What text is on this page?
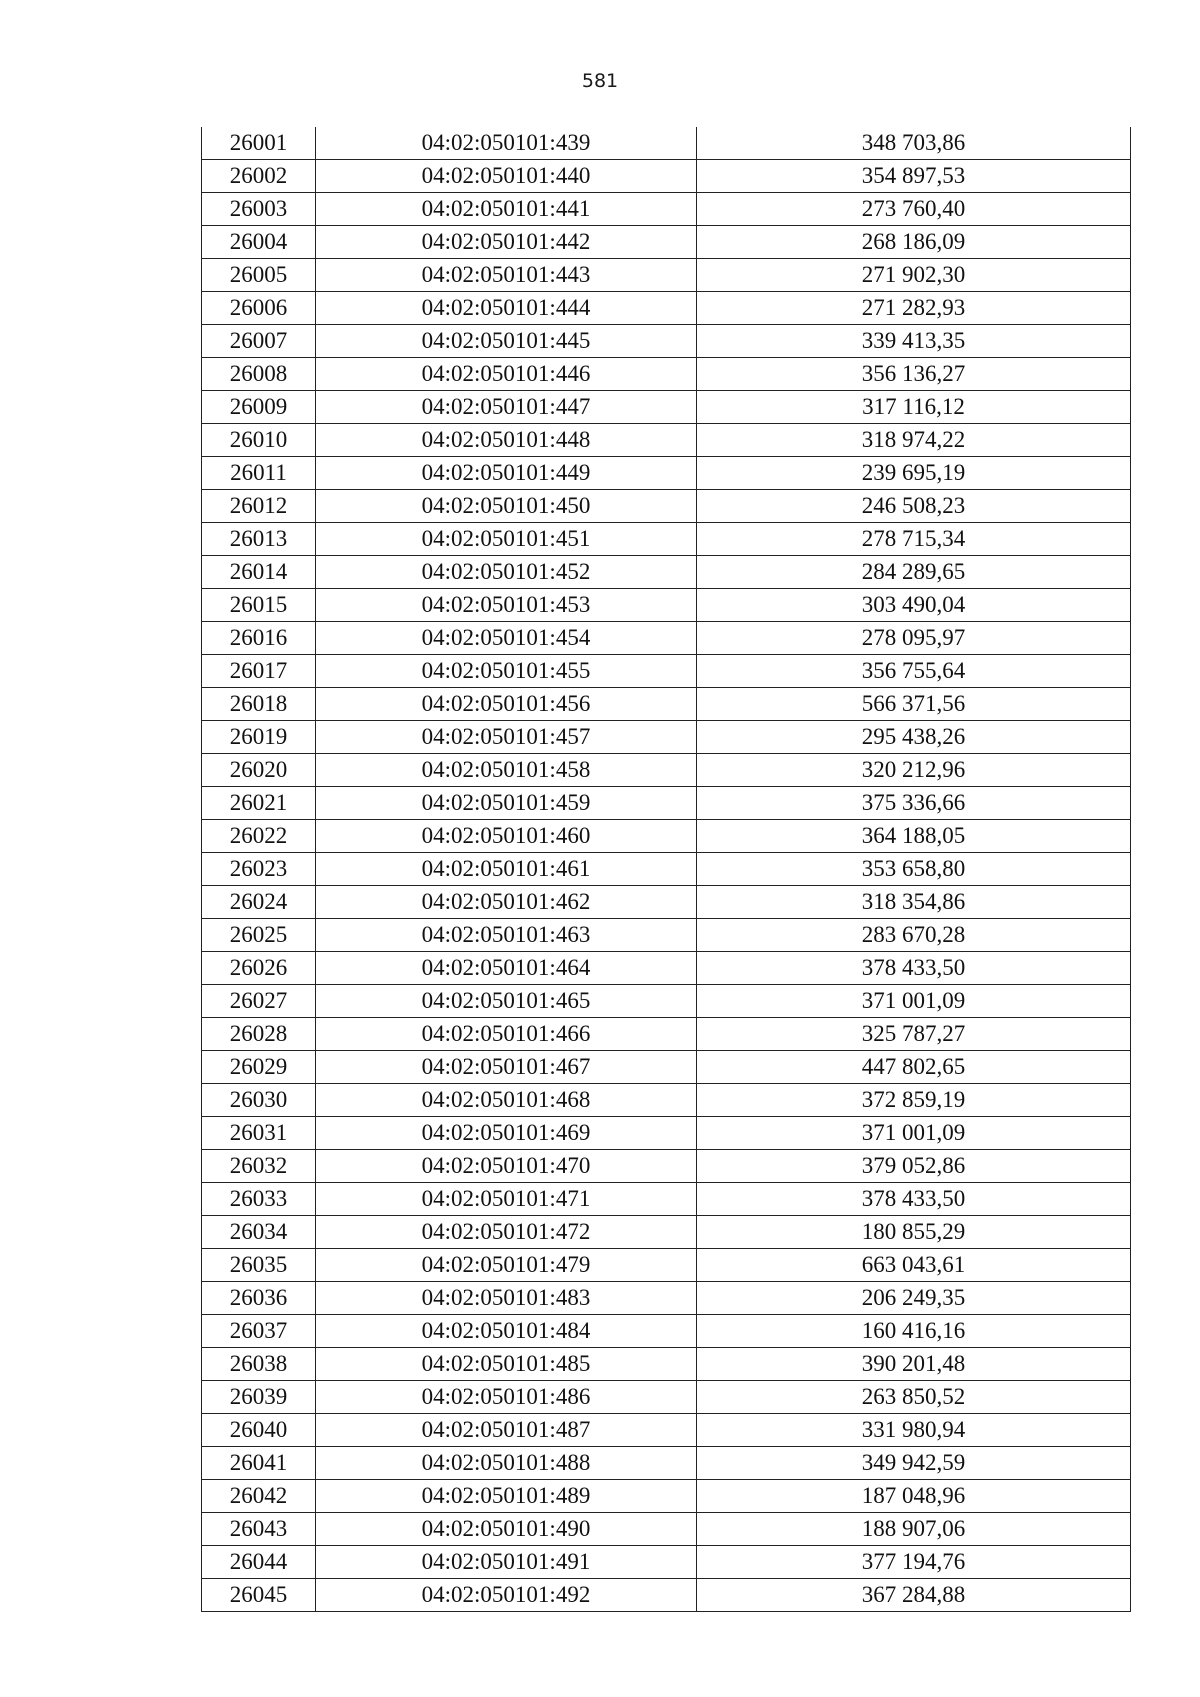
581
26001	04:02:050101:439	348 703,86
26002	04:02:050101:440	354 897,53
26003	04:02:050101:441	273 760,40
26004	04:02:050101:442	268 186,09
26005	04:02:050101:443	271 902,30
26006	04:02:050101:444	271 282,93
26007	04:02:050101:445	339 413,35
26008	04:02:050101:446	356 136,27
26009	04:02:050101:447	317 116,12
26010	04:02:050101:448	318 974,22
26011	04:02:050101:449	239 695,19
26012	04:02:050101:450	246 508,23
26013	04:02:050101:451	278 715,34
26014	04:02:050101:452	284 289,65
26015	04:02:050101:453	303 490,04
26016	04:02:050101:454	278 095,97
26017	04:02:050101:455	356 755,64
26018	04:02:050101:456	566 371,56
26019	04:02:050101:457	295 438,26
26020	04:02:050101:458	320 212,96
26021	04:02:050101:459	375 336,66
26022	04:02:050101:460	364 188,05
26023	04:02:050101:461	353 658,80
26024	04:02:050101:462	318 354,86
26025	04:02:050101:463	283 670,28
26026	04:02:050101:464	378 433,50
26027	04:02:050101:465	371 001,09
26028	04:02:050101:466	325 787,27
26029	04:02:050101:467	447 802,65
26030	04:02:050101:468	372 859,19
26031	04:02:050101:469	371 001,09
26032	04:02:050101:470	379 052,86
26033	04:02:050101:471	378 433,50
26034	04:02:050101:472	180 855,29
26035	04:02:050101:479	663 043,61
26036	04:02:050101:483	206 249,35
26037	04:02:050101:484	160 416,16
26038	04:02:050101:485	390 201,48
26039	04:02:050101:486	263 850,52
26040	04:02:050101:487	331 980,94
26041	04:02:050101:488	349 942,59
26042	04:02:050101:489	187 048,96
26043	04:02:050101:490	188 907,06
26044	04:02:050101:491	377 194,76
26045	04:02:050101:492	367 284,88
